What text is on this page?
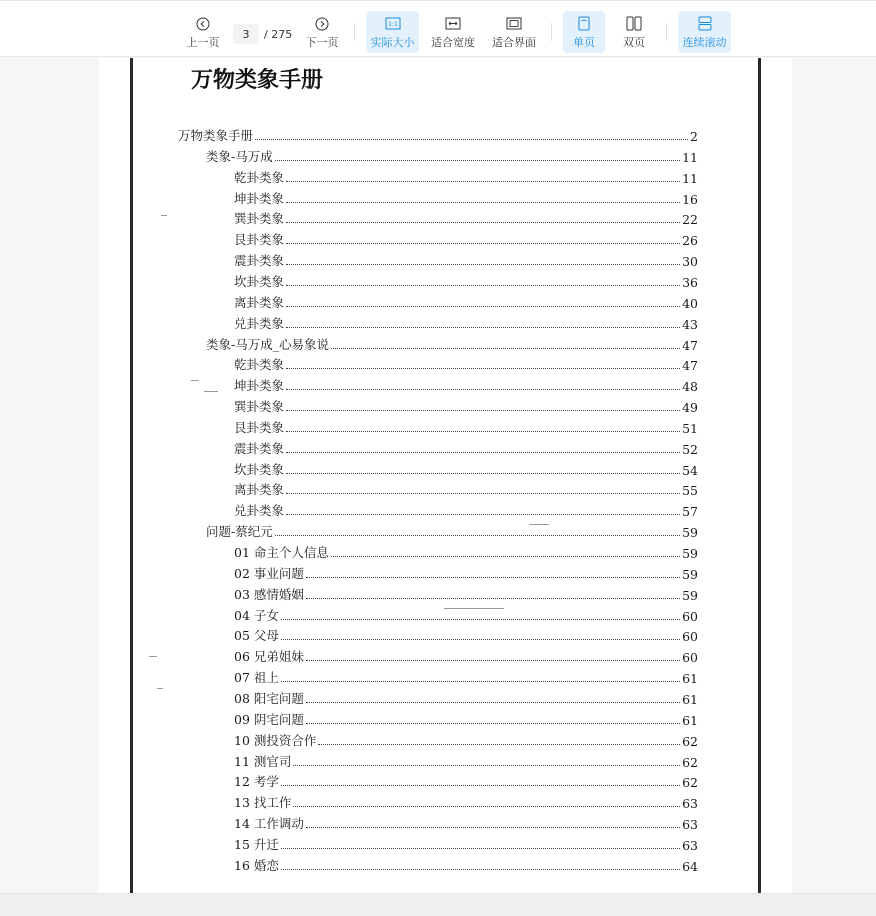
上一页
3
/ 275
下一页
1:1
实际大小 适合宽度 适合界面	单页	双页	连续滚动
万物类象手册
万物类象手册	2
类象-马万成	11
乾卦类象	11
坤卦类象	16
巽卦类象	22
艮卦类象	26
震卦类象	30
坎卦类象	36
离卦类象	40
兑卦类象	43
类象-马万成_心易象说	47
乾卦类象	47
坤卦类象	48
巽卦类象	49
艮卦类象	51
震卦类象	52
坎卦类象	54
离卦类象	55
兑卦类象	57
问题-蔡纪元	59
01 命主个人信息	59
02 事业问题	59
03 感情婚姻	59
04 子女	60
05 父母	60
06 兄弟姐妹	60
07 祖上	61
08 阳宅问题	61
09 阴宅问题	61
10 测投资合作	62
11 测官司	62
12 考学	62
13 找工作	63
14 工作调动	63
15 升迁	63
16 婚恋	64
